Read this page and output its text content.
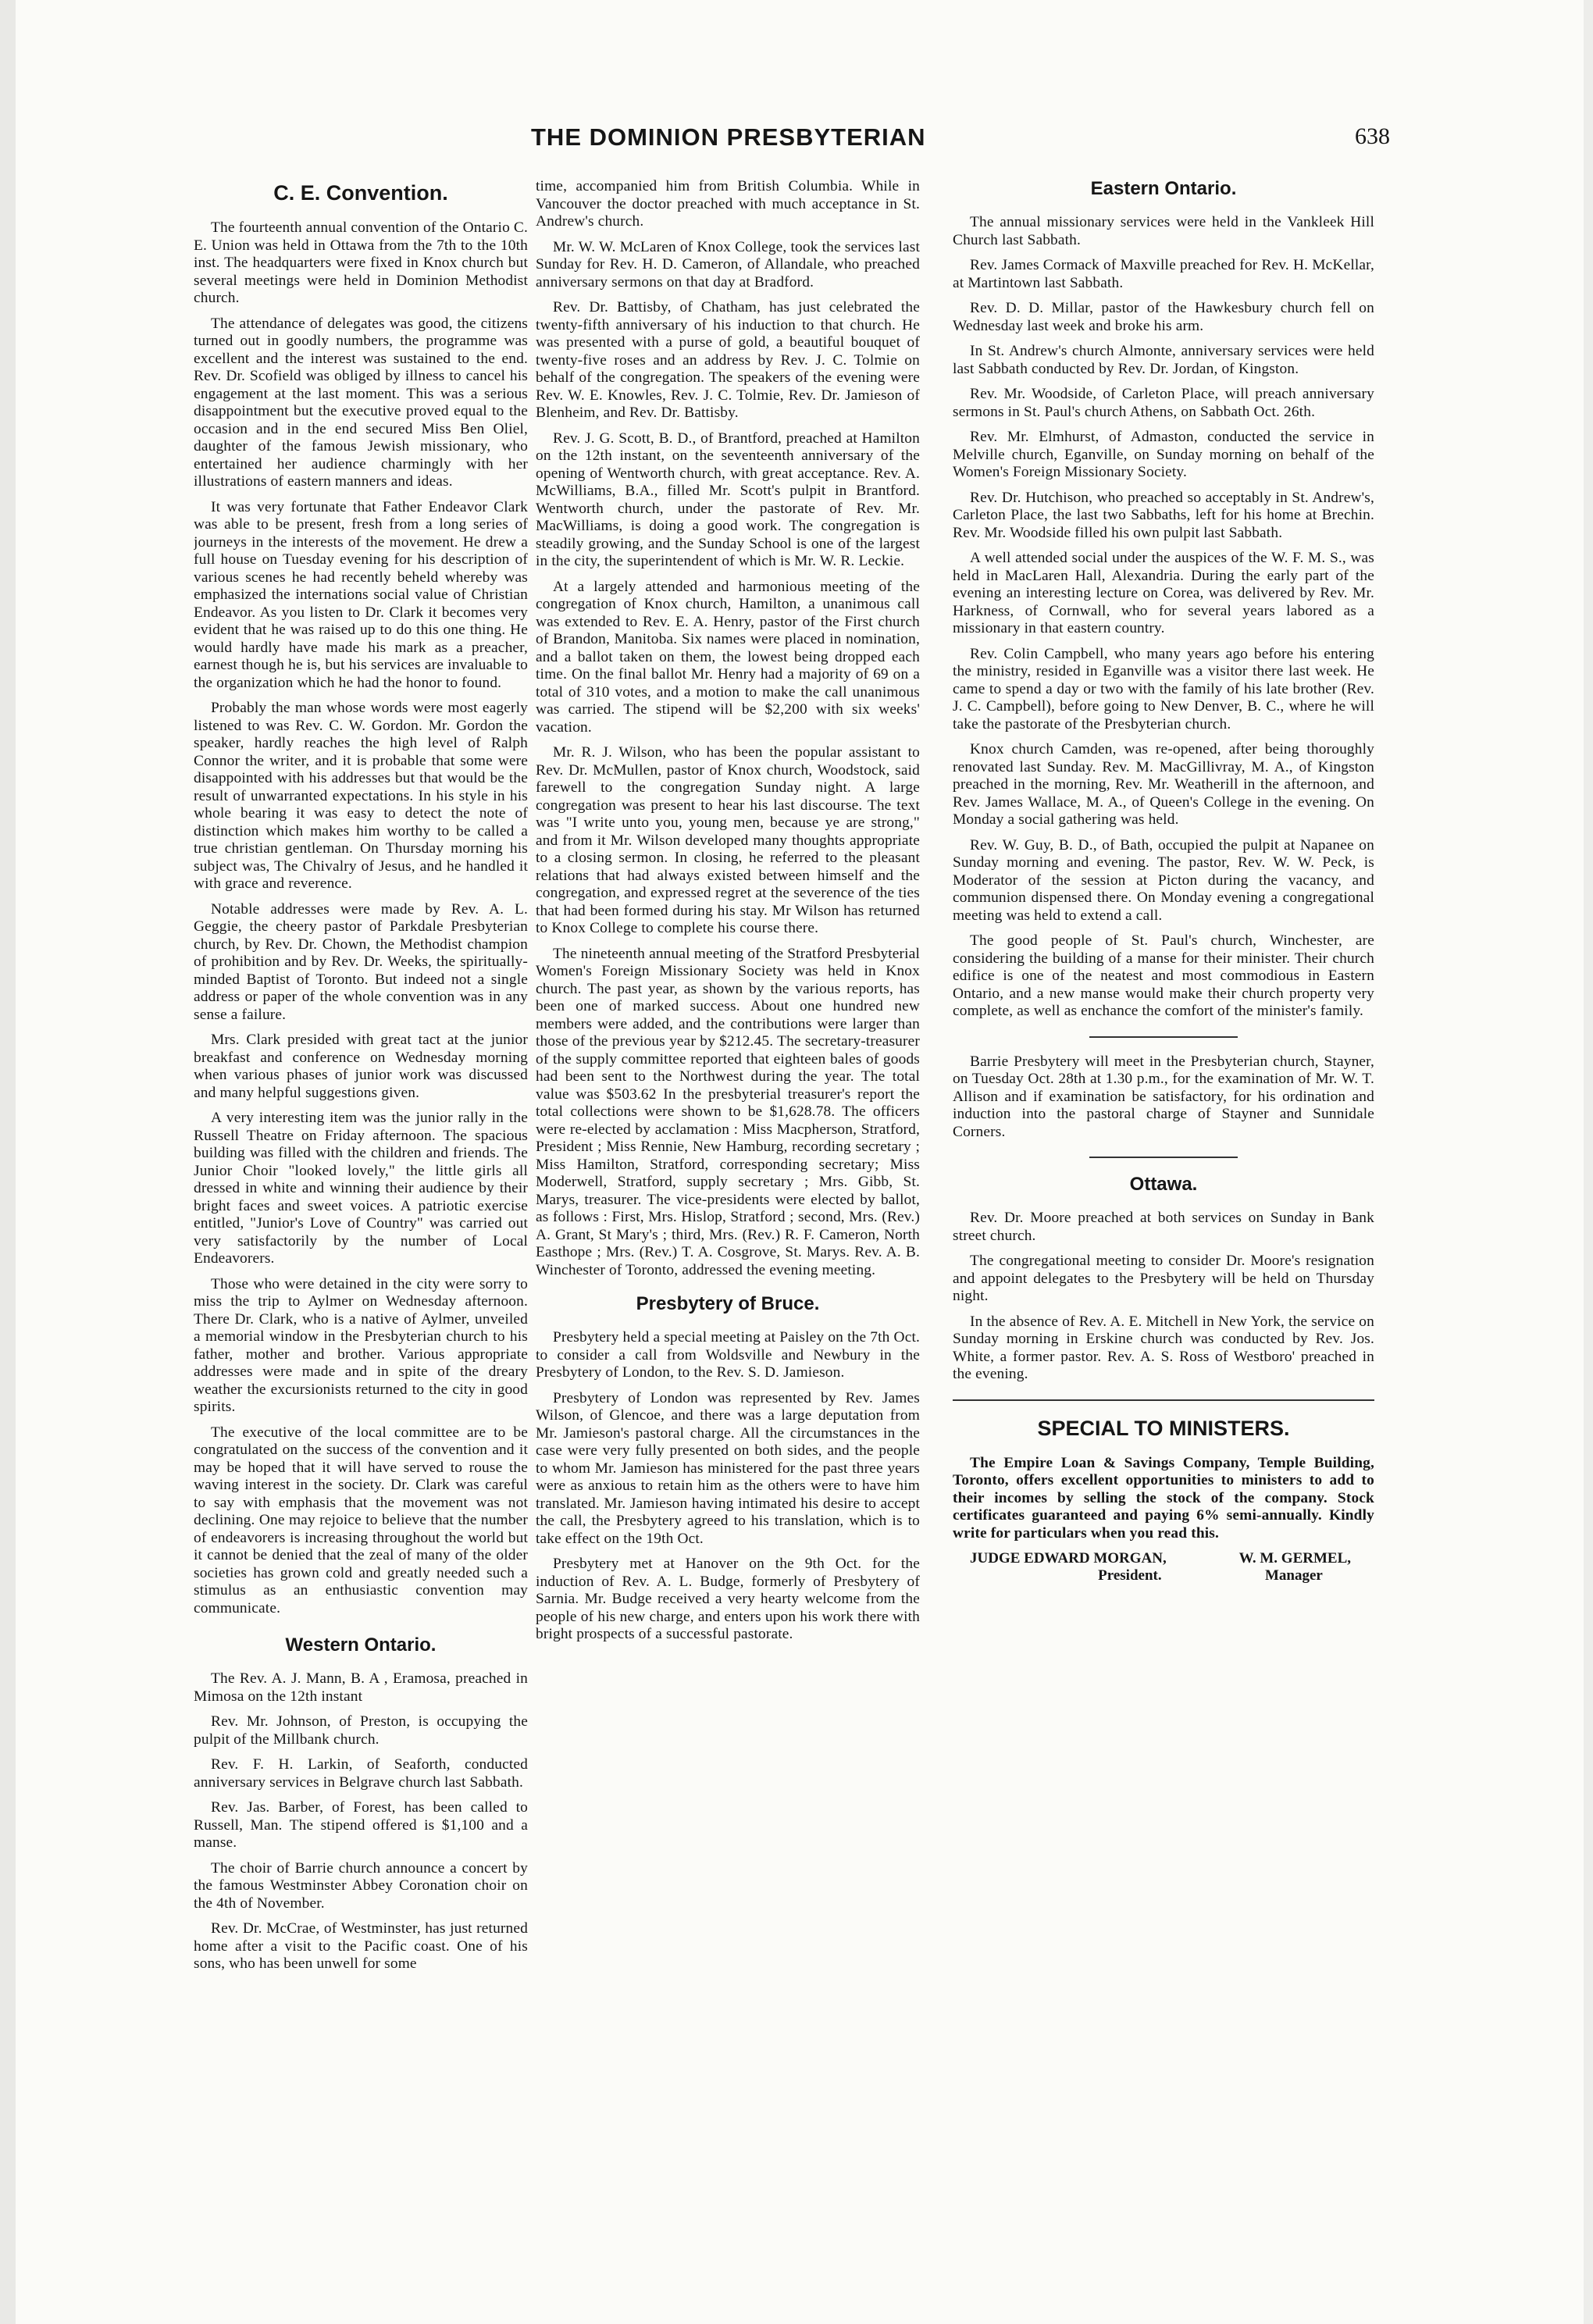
THE DOMINION PRESBYTERIAN	638
C. E. Convention.

The fourteenth annual convention of the Ontario C. E. Union was held in Ottawa from the 7th to the 10th inst. The headquarters were fixed in Knox church but several meetings were held in Dominion Methodist church.

The attendance of delegates was good, the citizens turned out in goodly numbers, the programme was excellent and the interest was sustained to the end. Rev. Dr. Scofield was obliged by illness to cancel his engagement at the last moment. This was a serious disappointment but the executive proved equal to the occasion and in the end secured Miss Ben Oliel, daughter of the famous Jewish missionary, who entertained her audience charmingly with her illustrations of eastern manners and ideas.

It was very fortunate that Father Endeavor Clark was able to be present, fresh from a long series of journeys in the interests of the movement. He drew a full house on Tuesday evening for his description of various scenes he had recently beheld whereby was emphasized the internations social value of Christian Endeavor. As you listen to Dr. Clark it becomes very evident that he was raised up to do this one thing. He would hardly have made his mark as a preacher, earnest though he is, but his services are invaluable to the organization which he had the honor to found.

Probably the man whose words were most eagerly listened to was Rev. C. W. Gordon. Mr. Gordon the speaker, hardly reaches the high level of Ralph Connor the writer, and it is probable that some were disappointed with his addresses but that would be the result of unwarranted expectations. In his style in his whole bearing it was easy to detect the note of distinction which makes him worthy to be called a true christian gentleman. On Thursday morning his subject was, The Chivalry of Jesus, and he handled it with grace and reverence.

Notable addresses were made by Rev. A. L. Geggie, the cheery pastor of Parkdale Presbyterian church, by Rev. Dr. Chown, the Methodist champion of prohibition and by Rev. Dr. Weeks, the spiritually-minded Baptist of Toronto. But indeed not a single address or paper of the whole convention was in any sense a failure.

Mrs. Clark presided with great tact at the junior breakfast and conference on Wednesday morning when various phases of junior work was discussed and many helpful suggestions given.

A very interesting item was the junior rally in the Russell Theatre on Friday afternoon. The spacious building was filled with the children and friends. The Junior Choir "looked lovely," the little girls all dressed in white and winning their audience by their bright faces and sweet voices. A patriotic exercise entitled, "Junior's Love of Country" was carried out very satisfactorily by the number of Local Endeavorers.

Those who were detained in the city were sorry to miss the trip to Aylmer on Wednesday afternoon. There Dr. Clark, who is a native of Aylmer, unveiled a memorial window in the Presbyterian church to his father, mother and brother. Various appropriate addresses were made and in spite of the dreary weather the excursionists returned to the city in good spirits.

The executive of the local committee are to be congratulated on the success of the convention and it may be hoped that it will have served to rouse the waving interest in the society. Dr. Clark was careful to say with emphasis that the movement was not declining. One may rejoice to believe that the number of endeavorers is increasing throughout the world but it cannot be denied that the zeal of many of the older societies has grown cold and greatly needed such a stimulus as an enthusiastic convention may communicate.

Western Ontario.

The Rev. A. J. Mann, B. A , Eramosa, preached in Mimosa on the 12th instant

Rev. Mr. Johnson, of Preston, is occupying the pulpit of the Millbank church.

Rev. F. H. Larkin, of Seaforth, conducted anniversary services in Belgrave church last Sabbath.

Rev. Jas. Barber, of Forest, has been called to Russell, Man. The stipend offered is $1,100 and a manse.

The choir of Barrie church announce a concert by the famous Westminster Abbey Coronation choir on the 4th of November.

Rev. Dr. McCrae, of Westminster, has just returned home after a visit to the Pacific coast. One of his sons, who has been unwell for some

time, accompanied him from British Columbia. While in Vancouver the doctor preached with much acceptance in St. Andrew's church.

Mr. W. W. McLaren of Knox College, took the services last Sunday for Rev. H. D. Cameron, of Allandale, who preached anniversary sermons on that day at Bradford.

Rev. Dr. Battisby, of Chatham, has just celebrated the twenty-fifth anniversary of his induction to that church. He was presented with a purse of gold, a beautiful bouquet of twenty-five roses and an address by Rev. J. C. Tolmie on behalf of the congregation. The speakers of the evening were Rev. W. E. Knowles, Rev. J. C. Tolmie, Rev. Dr. Jamieson of Blenheim, and Rev. Dr. Battisby.

Rev. J. G. Scott, B. D., of Brantford, preached at Hamilton on the 12th instant, on the seventeenth anniversary of the opening of Wentworth church, with great acceptance. Rev. A. McWilliams, B.A., filled Mr. Scott's pulpit in Brantford. Wentworth church, under the pastorate of Rev. Mr. MacWilliams, is doing a good work. The congregation is steadily growing, and the Sunday School is one of the largest in the city, the superintendent of which is Mr. W. R. Leckie.

At a largely attended and harmonious meeting of the congregation of Knox church, Hamilton, a unanimous call was extended to Rev. E. A. Henry, pastor of the First church of Brandon, Manitoba. Six names were placed in nomination, and a ballot taken on them, the lowest being dropped each time. On the final ballot Mr. Henry had a majority of 69 on a total of 310 votes, and a motion to make the call unanimous was carried. The stipend will be $2,200 with six weeks' vacation.

Mr. R. J. Wilson, who has been the popular assistant to Rev. Dr. McMullen, pastor of Knox church, Woodstock, said farewell to the congregation Sunday night. A large congregation was present to hear his last discourse. The text was "I write unto you, young men, because ye are strong," and from it Mr. Wilson developed many thoughts appropriate to a closing sermon. In closing, he referred to the pleasant relations that had always existed between himself and the congregation, and expressed regret at the severence of the ties that had been formed during his stay. Mr Wilson has returned to Knox College to complete his course there.

The nineteenth annual meeting of the Stratford Presbyterial Women's Foreign Missionary Society was held in Knox church. The past year, as shown by the various reports, has been one of marked success. About one hundred new members were added, and the contributions were larger than those of the previous year by $212.45. The secretary-treasurer of the supply committee reported that eighteen bales of goods had been sent to the Northwest during the year. The total value was $503.62 In the presbyterial treasurer's report the total collections were shown to be $1,628.78. The officers were re-elected by acclamation : Miss Macpherson, Stratford, President ; Miss Rennie, New Hamburg, recording secretary ; Miss Hamilton, Stratford, corresponding secretary; Miss Moderwell, Stratford, supply secretary ; Mrs. Gibb, St. Marys, treasurer. The vice-presidents were elected by ballot, as follows : First, Mrs. Hislop, Stratford ; second, Mrs. (Rev.) A. Grant, St Mary's ; third, Mrs. (Rev.) R. F. Cameron, North Easthope ; Mrs. (Rev.) T. A. Cosgrove, St. Marys. Rev. A. B. Winchester of Toronto, addressed the evening meeting.

Presbytery of Bruce.

Presbytery held a special meeting at Paisley on the 7th Oct. to consider a call from Woldsville and Newbury in the Presbytery of London, to the Rev. S. D. Jamieson.

Presbytery of London was represented by Rev. James Wilson, of Glencoe, and there was a large deputation from Mr. Jamieson's pastoral charge. All the circumstances in the case were very fully presented on both sides, and the people to whom Mr. Jamieson has ministered for the past three years were as anxious to retain him as the others were to have him translated. Mr. Jamieson having intimated his desire to accept the call, the Presbytery agreed to his translation, which is to take effect on the 19th Oct.

Presbytery met at Hanover on the 9th Oct. for the induction of Rev. A. L. Budge, formerly of Presbytery of Sarnia. Mr. Budge received a very hearty welcome from the people of his new charge, and enters upon his work there with bright prospects of a successful pastorate.

Eastern Ontario.

The annual missionary services were held in the Vankleek Hill Church last Sabbath.

Rev. James Cormack of Maxville preached for Rev. H. McKellar, at Martintown last Sabbath.

Rev. D. D. Millar, pastor of the Hawkesbury church fell on Wednesday last week and broke his arm.

In St. Andrew's church Almonte, anniversary services were held last Sabbath conducted by Rev. Dr. Jordan, of Kingston.

Rev. Mr. Woodside, of Carleton Place, will preach anniversary sermons in St. Paul's church Athens, on Sabbath Oct. 26th.

Rev. Mr. Elmhurst, of Admaston, conducted the service in Melville church, Eganville, on Sunday morning on behalf of the Women's Foreign Missionary Society.

Rev. Dr. Hutchison, who preached so acceptably in St. Andrew's, Carleton Place, the last two Sabbaths, left for his home at Brechin. Rev. Mr. Woodside filled his own pulpit last Sabbath.

A well attended social under the auspices of the W. F. M. S., was held in MacLaren Hall, Alexandria. During the early part of the evening an interesting lecture on Corea, was delivered by Rev. Mr. Harkness, of Cornwall, who for several years labored as a missionary in that eastern country.

Rev. Colin Campbell, who many years ago before his entering the ministry, resided in Eganville was a visitor there last week. He came to spend a day or two with the family of his late brother (Rev. J. C. Campbell), before going to New Denver, B. C., where he will take the pastorate of the Presbyterian church.

Knox church Camden, was re-opened, after being thoroughly renovated last Sunday. Rev. M. MacGillivray, M. A., of Kingston preached in the morning, Rev. Mr. Weatherill in the afternoon, and Rev. James Wallace, M. A., of Queen's College in the evening. On Monday a social gathering was held.

Rev. W. Guy, B. D., of Bath, occupied the pulpit at Napanee on Sunday morning and evening. The pastor, Rev. W. W. Peck, is Moderator of the session at Picton during the vacancy, and communion dispensed there. On Monday evening a congregational meeting was held to extend a call.

The good people of St. Paul's church, Winchester, are considering the building of a manse for their minister. Their church edifice is one of the neatest and most commodious in Eastern Ontario, and a new manse would make their church property very complete, as well as enchance the comfort of the minister's family.

Barrie Presbytery will meet in the Presbyterian church, Stayner, on Tuesday Oct. 28th at 1.30 p.m., for the examination of Mr. W. T. Allison and if examination be satisfactory, for his ordination and induction into the pastoral charge of Stayner and Sunnidale Corners.

Ottawa.

Rev. Dr. Moore preached at both services on Sunday in Bank street church.

The congregational meeting to consider Dr. Moore's resignation and appoint delegates to the Presbytery will be held on Thursday night.

In the absence of Rev. A. E. Mitchell in New York, the service on Sunday morning in Erskine church was conducted by Rev. Jos. White, a former pastor. Rev. A. S. Ross of Westboro' preached in the evening.

SPECIAL TO MINISTERS.

The Empire Loan & Savings Company, Temple Building, Toronto, offers excellent opportunities to ministers to add to their incomes by selling the stock of the company. Stock certificates guaranteed and paying 6% semi-annually. Kindly write for particulars when you read this.

JUDGE EDWARD MORGAN,	W. M. GERMEL,
President.	Manager
